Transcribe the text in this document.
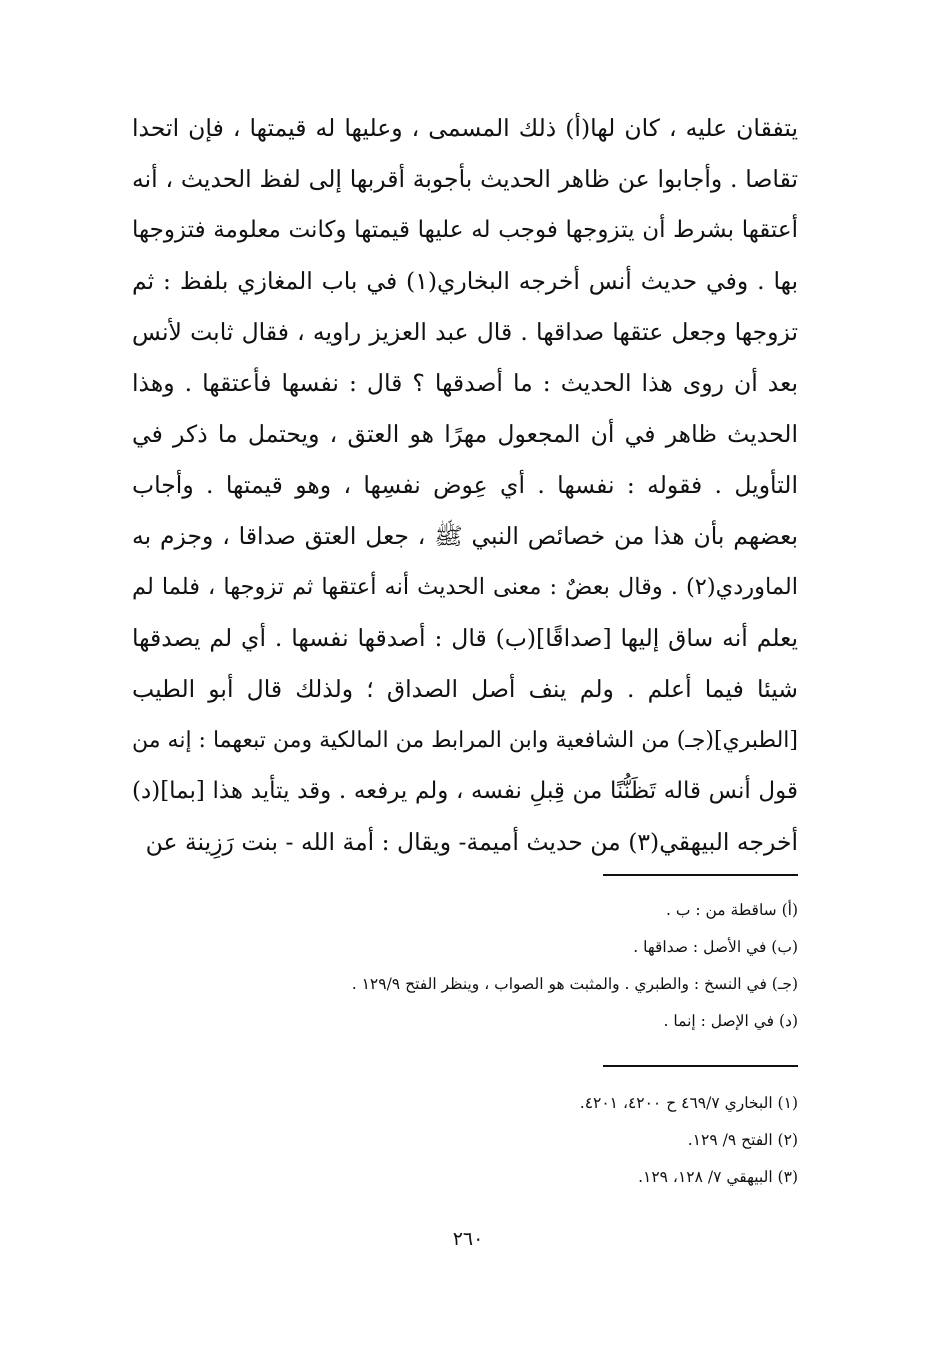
يتفقان عليه ، كان لها(أ) ذلك المسمى ، وعليها له قيمتها ، فإن اتحدا
تقاصا . وأجابوا عن ظاهر الحديث بأجوبة أقربها إلى لفظ الحديث ، أنه
أعتقها بشرط أن يتزوجها فوجب له عليها قيمتها وكانت معلومة فتزوجها
بها . وفي حديث أنس أخرجه البخاري(١) في باب المغازي بلفظ : ثم
تزوجها وجعل عتقها صداقها . قال عبد العزيز راويه ، فقال ثابت لأنس
بعد أن روى هذا الحديث : ما أصدقها ؟ قال : نفسها فأعتقها . وهذا
الحديث ظاهر في أن المجعول مهرًا هو العتق ، ويحتمل ما ذكر في
التأويل . فقوله : نفسها . أي عِوض نفسِها ، وهو قيمتها . وأجاب
بعضهم بأن هذا من خصائص النبي ﷺ ، جعل العتق صداقا ، وجزم به
الماوردي(٢) . وقال بعضٌ : معنى الحديث أنه أعتقها ثم تزوجها ، فلما لم
يعلم أنه ساق إليها [صداقًا](ب) قال : أصدقها نفسها . أي لم يصدقها
شيئا فيما أعلم . ولم ينف أصل الصداق ؛ ولذلك قال أبو الطيب
[الطبري](جـ) من الشافعية وابن المرابط من المالكية ومن تبعهما : إنه من
قول أنس قاله تَظَنُّنًا من قِبلِ نفسه ، ولم يرفعه . وقد يتأيد هذا [بما](د)
أخرجه البيهقي(٣) من حديث أميمة- ويقال : أمة الله - بنت رَزِينة عن
(أ) ساقطة من : ب .
(ب) في الأصل : صداقها .
(جـ) في النسخ : والطبري . والمثبت هو الصواب ، وينظر الفتح ١٢٩/٩ .
(د) في الإصل : إنما .
(١) البخاري ٤٦٩/٧ ح ٤٢٠٠، ٤٢٠١.
(٢) الفتح ٩/ ١٢٩.
(٣) البيهقي ٧/ ١٢٨، ١٢٩.
٢٦٠
